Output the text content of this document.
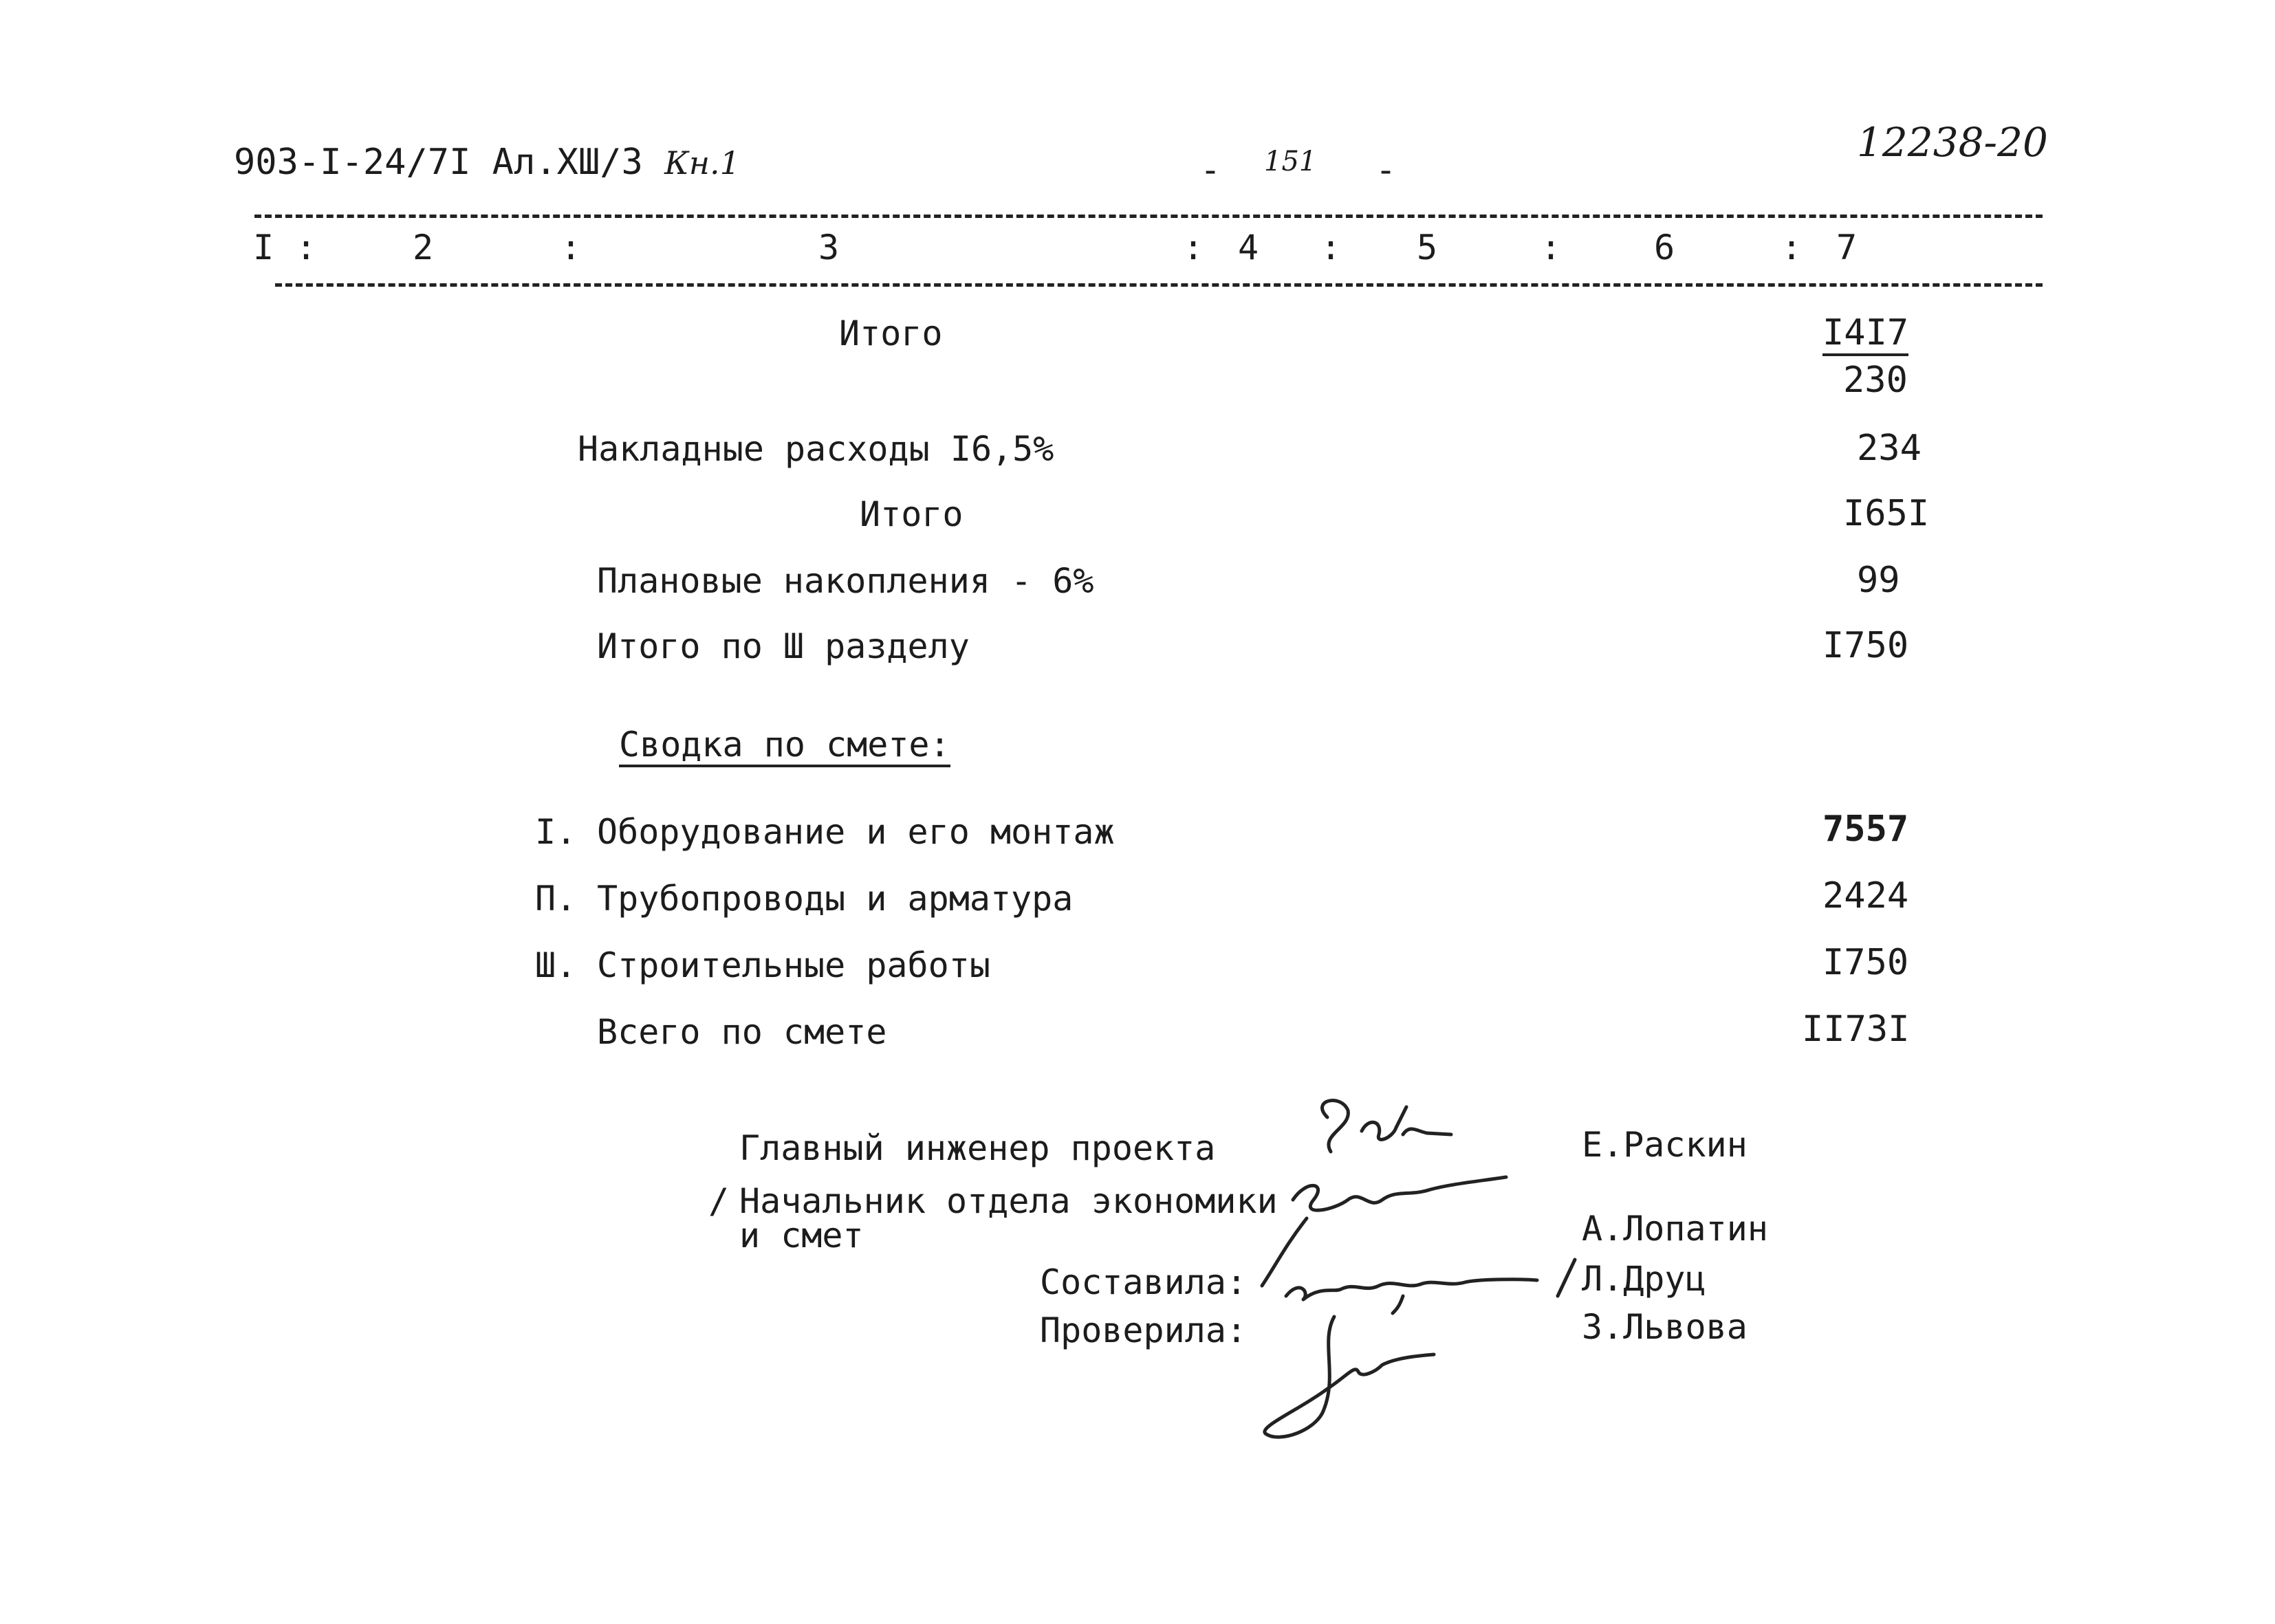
903-I-24/7I Ал.XШ/3 Кн.1	- 151 -
12238-20
I :	2	:	3	: 4 : 5	:	6	: 7
Итого	I4I7
230
Накладные расходы I6,5%	234
Итого	I65I
Плановые накопления - 6%	99
Итого по Ш разделу	I750
Сводка по смете:
I. Оборудование и его монтаж	7557
П. Трубопроводы и арматура	2424
Ш. Строительные работы	I750
Всего по смете	II73I
Главный инженер проекта	Е.Раскин
/ Начальник отдела экономики
и смет	А.Лопатин
Составила:	Л.Друц
Проверила:	З.Львова
